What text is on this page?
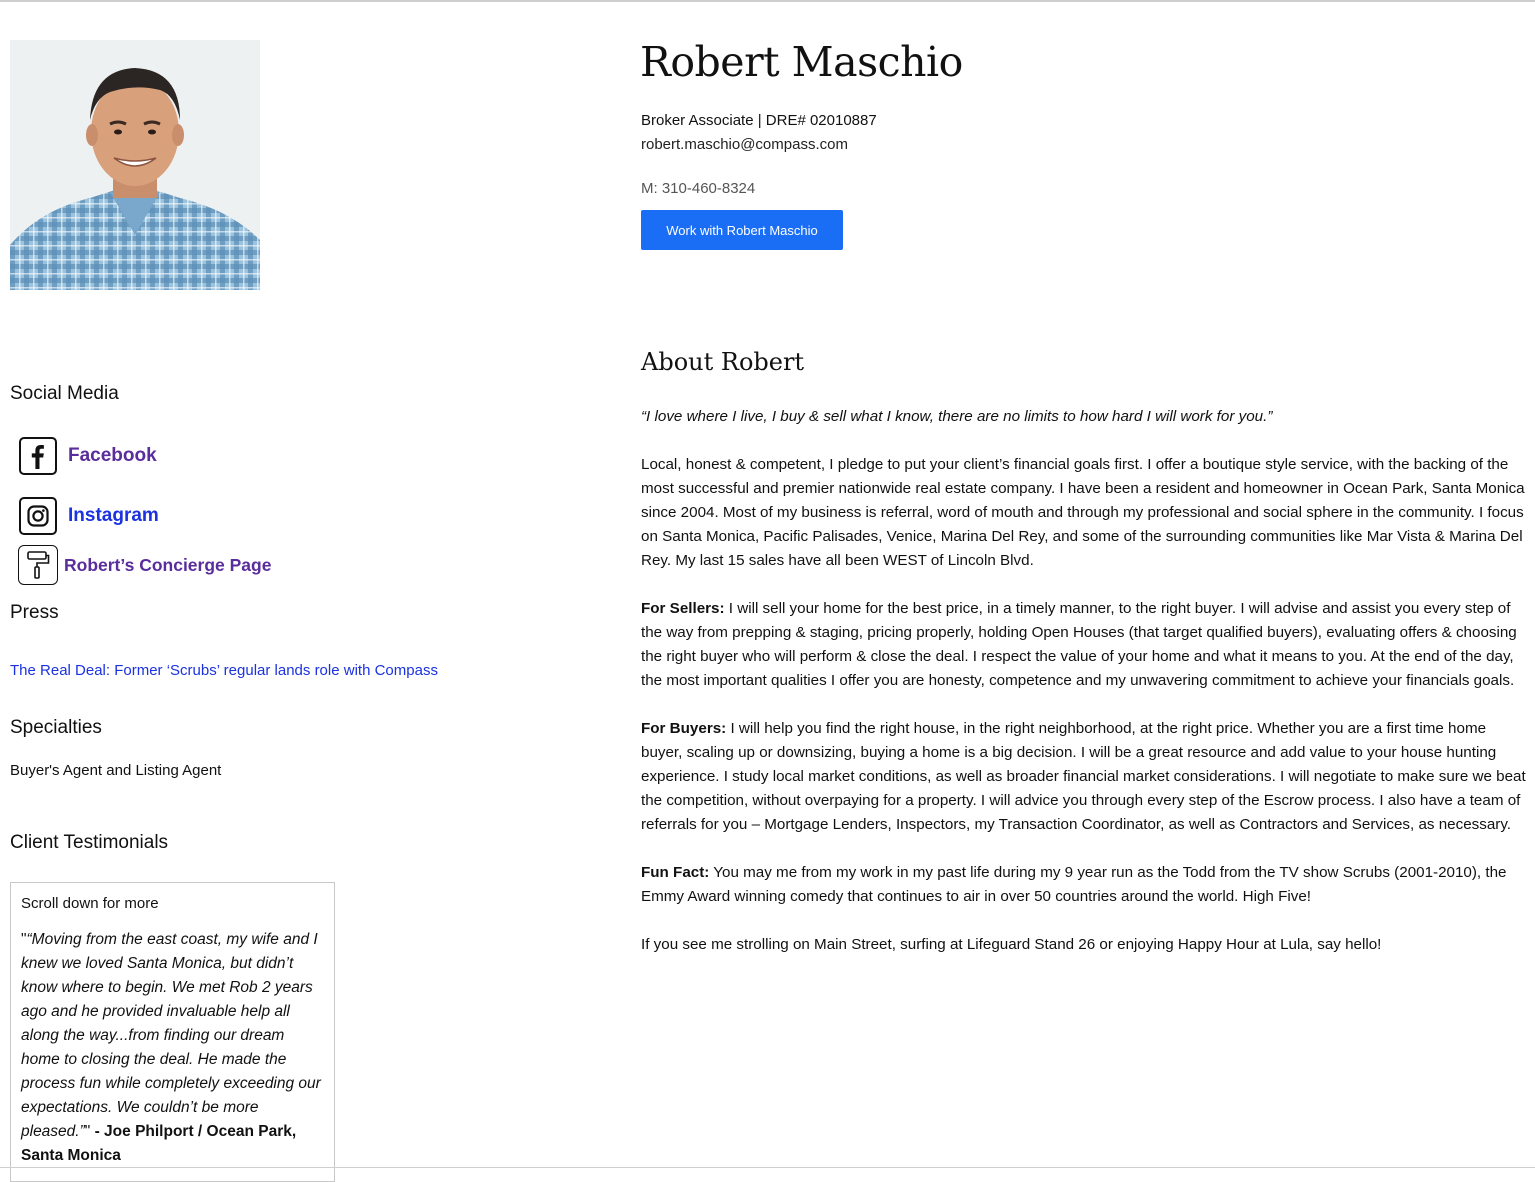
Robert Maschio
Broker Associate | DRE# 02010887
robert.maschio@compass.com
M: 310-460-8324
Work with Robert Maschio
Social Media
Facebook
Instagram
Robert’s Concierge Page
Press
The Real Deal: Former ‘Scrubs’ regular lands role with Compass
Specialties
Buyer's Agent and Listing Agent
Client Testimonials
Scroll down for more
"“Moving from the east coast, my wife and I knew we loved Santa Monica, but didn’t know where to begin. We met Rob 2 years ago and he provided invaluable help all along the way...from finding our dream home to closing the deal. He made the process fun while completely exceeding our expectations. We couldn’t be more pleased.”" - Joe Philport / Ocean Park, Santa Monica
About Robert

“I love where I live, I buy & sell what I know, there are no limits to how hard I will work for you.”

Local, honest & competent, I pledge to put your client’s financial goals first. I offer a boutique style service, with the backing of the most successful and premier nationwide real estate company. I have been a resident and homeowner in Ocean Park, Santa Monica since 2004. Most of my business is referral, word of mouth and through my professional and social sphere in the community. I focus on Santa Monica, Pacific Palisades, Venice, Marina Del Rey, and some of the surrounding communities like Mar Vista & Marina Del Rey. My last 15 sales have all been WEST of Lincoln Blvd.

For Sellers: I will sell your home for the best price, in a timely manner, to the right buyer. I will advise and assist you every step of the way from prepping & staging, pricing properly, holding Open Houses (that target qualified buyers), evaluating offers & choosing the right buyer who will perform & close the deal. I respect the value of your home and what it means to you. At the end of the day, the most important qualities I offer you are honesty, competence and my unwavering commitment to achieve your financials goals.

For Buyers: I will help you find the right house, in the right neighborhood, at the right price. Whether you are a first time home buyer, scaling up or downsizing, buying a home is a big decision. I will be a great resource and add value to your house hunting experience. I study local market conditions, as well as broader financial market considerations. I will negotiate to make sure we beat the competition, without overpaying for a property. I will advice you through every step of the Escrow process. I also have a team of referrals for you – Mortgage Lenders, Inspectors, my Transaction Coordinator, as well as Contractors and Services, as necessary.

Fun Fact: You may me from my work in my past life during my 9 year run as the Todd from the TV show Scrubs (2001-2010), the Emmy Award winning comedy that continues to air in over 50 countries around the world. High Five!

If you see me strolling on Main Street, surfing at Lifeguard Stand 26 or enjoying Happy Hour at Lula, say hello!
